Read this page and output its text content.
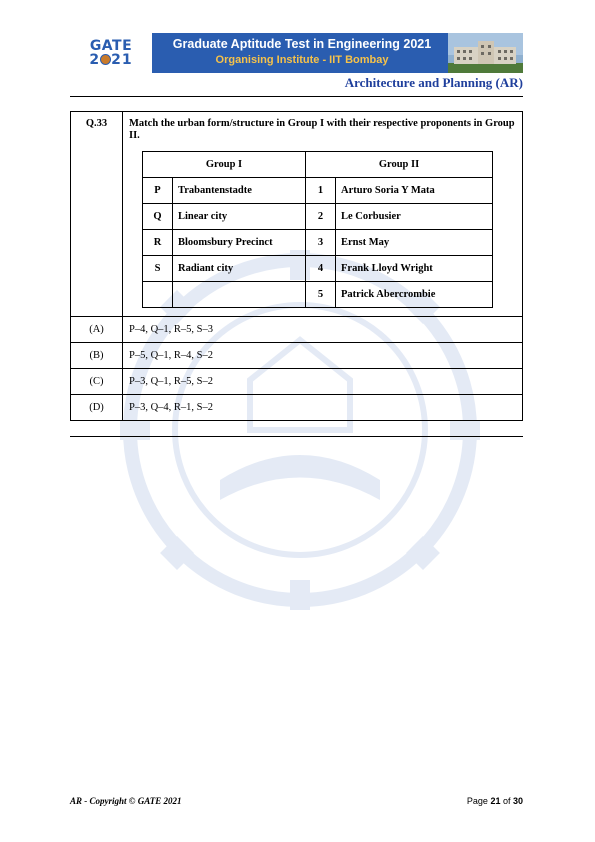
GATE
2 21
Graduate Aptitude Test in Engineering 2021
Organising Institute - IIT Bombay
Architecture and Planning (AR)
Q.33	Match the urban form/structure in Group I with their respective proponents in Group II.
Group I	Group II
P	Trabantenstadte	1	Arturo Soria Y Mata
Q	Linear city	2	Le Corbusier
R	Bloomsbury Precinct	3	Ernst May
S	Radiant city	4	Frank Lloyd Wright
		5	Patrick Abercrombie

(A)	P–4, Q–1, R–5, S–3
(B)	P–5, Q–1, R–4, S–2
(C)	P–3, Q–1, R–5, S–2
(D)	P–3, Q–4, R–1, S–2
AR - Copyright © GATE 2021	Page 21 of 30
